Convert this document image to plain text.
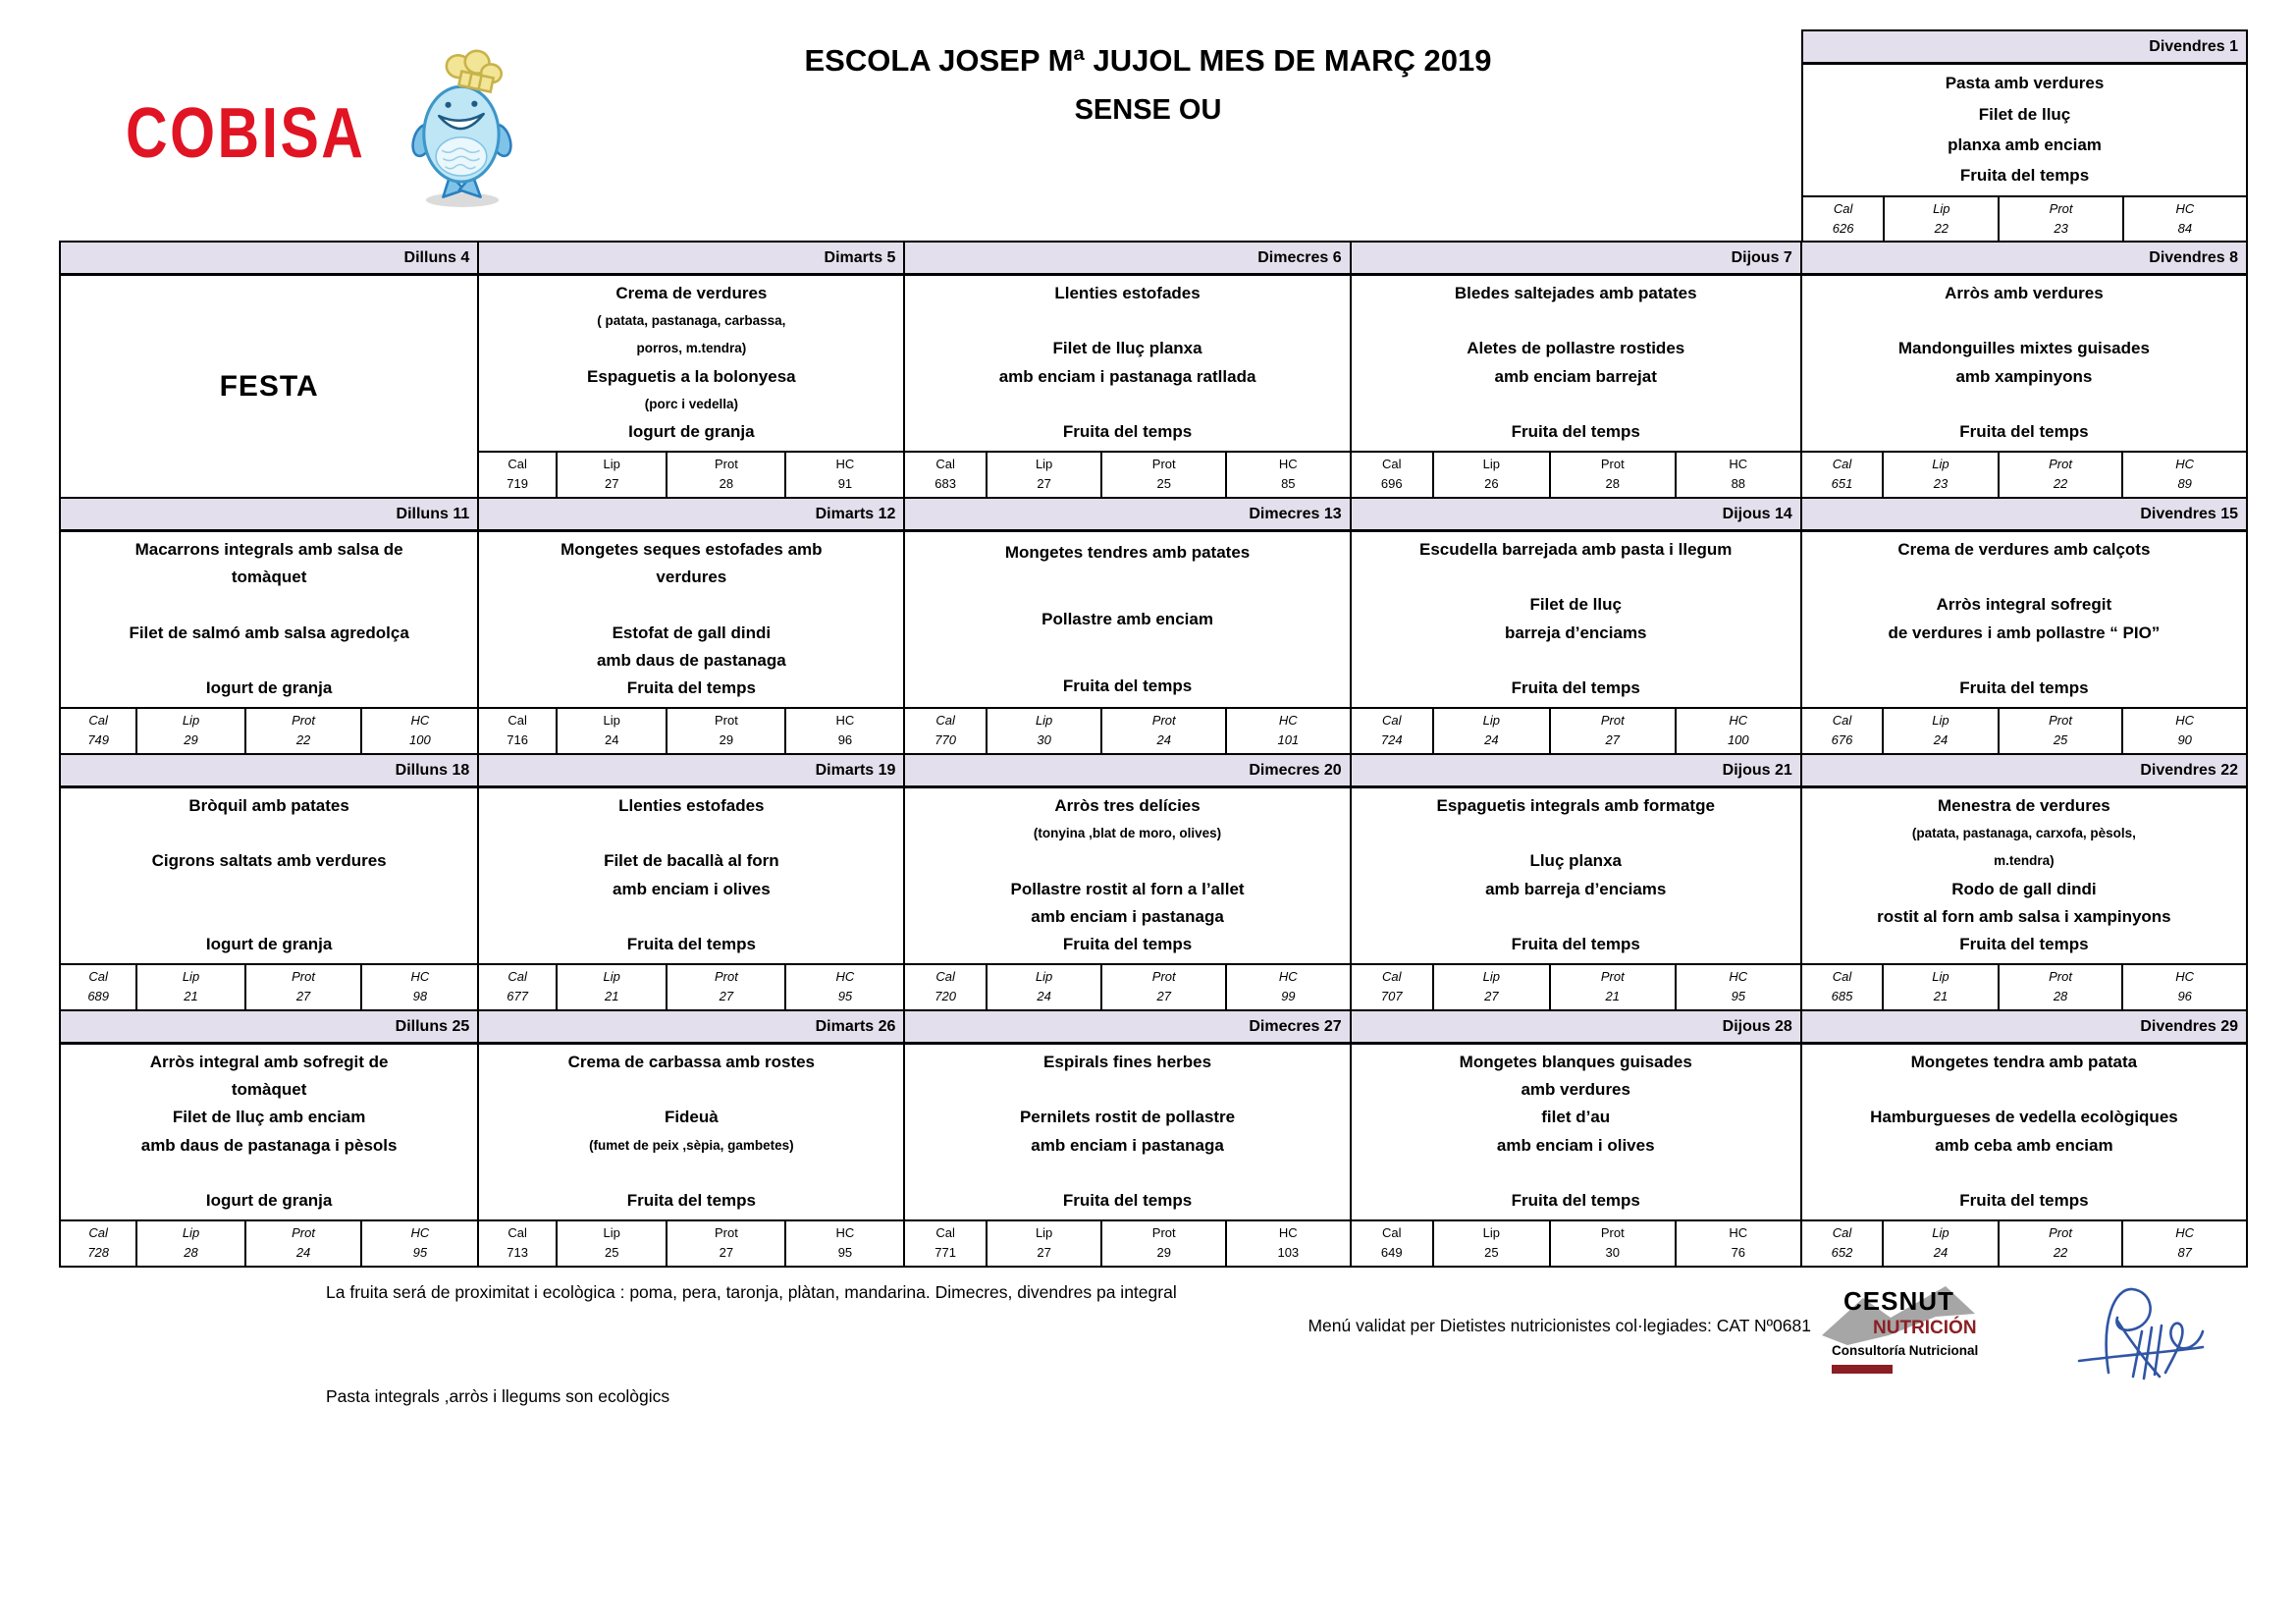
COBISA
ESCOLA JOSEP Mª JUJOL MES DE MARÇ 2019
SENSE OU
Divendres 1
Pasta amb verdures
Filet de lluç
planxa amb enciam
Fruita del temps
Cal
626
Lip
22
Prot
23
HC
84
Dilluns 4
FESTA
Dimarts 5
Crema de verdures
( patata, pastanaga, carbassa,
porros, m.tendra)
Espaguetis a la bolonyesa
(porc i vedella)
Iogurt de granja
Cal
719
Lip
27
Prot
28
HC
91
Dimecres 6
Llenties estofades
Filet de lluç planxa
amb enciam i pastanaga ratllada
Fruita del temps
Cal
683
Lip
27
Prot
25
HC
85
Dijous 7
Bledes saltejades amb patates
Aletes de pollastre rostides
amb enciam barrejat
Fruita del temps
Cal
696
Lip
26
Prot
28
HC
88
Divendres 8
Arròs amb verdures
Mandonguilles mixtes guisades
amb xampinyons
Fruita del temps
Cal
651
Lip
23
Prot
22
HC
89
Dilluns 11
Macarrons integrals amb salsa de
tomàquet
Filet de salmó amb salsa agredolça
Iogurt de granja
Cal
749
Lip
29
Prot
22
HC
100
Dimarts 12
Mongetes seques estofades amb
verdures
Estofat de gall dindi
amb daus de pastanaga
Fruita del temps
Cal
716
Lip
24
Prot
29
HC
96
Dimecres 13
Mongetes tendres amb patates
Pollastre amb enciam
Fruita del temps
Cal
770
Lip
30
Prot
24
HC
101
Dijous 14
Escudella barrejada amb pasta i llegum
Filet de lluç
barreja d’enciams
Fruita del temps
Cal
724
Lip
24
Prot
27
HC
100
Divendres 15
Crema de verdures amb calçots
Arròs integral sofregit
de verdures i amb pollastre “ PIO”
Fruita del temps
Cal
676
Lip
24
Prot
25
HC
90
Dilluns 18
Bròquil amb patates
Cigrons saltats amb verdures
Iogurt de granja
Cal
689
Lip
21
Prot
27
HC
98
Dimarts 19
Llenties estofades
Filet de bacallà al forn
amb enciam i olives
Fruita del temps
Cal
677
Lip
21
Prot
27
HC
95
Dimecres 20
Arròs tres delícies
(tonyina ,blat de moro, olives)
Pollastre rostit al forn a l’allet
amb enciam i pastanaga
Fruita del temps
Cal
720
Lip
24
Prot
27
HC
99
Dijous 21
Espaguetis integrals amb formatge
Lluç planxa
amb barreja d’enciams
Fruita del temps
Cal
707
Lip
27
Prot
21
HC
95
Divendres 22
Menestra de verdures
(patata, pastanaga, carxofa, pèsols,
m.tendra)
Rodo de gall dindi
rostit al forn amb salsa i xampinyons
Fruita del temps
Cal
685
Lip
21
Prot
28
HC
96
Dilluns 25
Arròs integral amb sofregit de
tomàquet
Filet de lluç amb enciam
amb daus de pastanaga i pèsols
Iogurt de granja
Cal
728
Lip
28
Prot
24
HC
95
Dimarts 26
Crema de carbassa amb rostes
Fideuà
(fumet de peix ,sèpia, gambetes)
Fruita del temps
Cal
713
Lip
25
Prot
27
HC
95
Dimecres 27
Espirals fines herbes
Pernilets rostit de pollastre
amb enciam i pastanaga
Fruita del temps
Cal
771
Lip
27
Prot
29
HC
103
Dijous 28
Mongetes blanques guisades
amb verdures
filet d’au
amb enciam i olives
Fruita del temps
Cal
649
Lip
25
Prot
30
HC
76
Divendres 29
Mongetes tendra amb patata
Hamburgueses de vedella ecològiques
amb ceba amb enciam
Fruita del temps
Cal
652
Lip
24
Prot
22
HC
87
La fruita será de proximitat i ecològica : poma, pera, taronja, plàtan, mandarina. Dimecres, divendres pa integral
Menú validat per Dietistes nutricionistes col·legiades: CAT Nº0681
Pasta integrals ,arròs i llegums son ecològics
CESNUT
NUTRICIÓN
Consultoría Nutricional
